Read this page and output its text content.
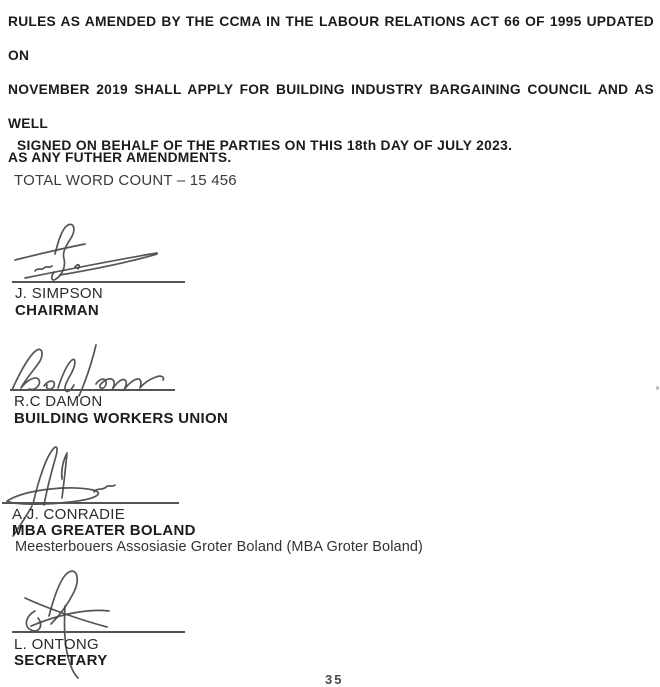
RULES AS AMENDED BY THE CCMA IN THE LABOUR RELATIONS ACT 66 OF 1995 UPDATED ON
NOVEMBER 2019 SHALL APPLY FOR BUILDING INDUSTRY BARGAINING COUNCIL AND AS WELL
AS ANY FUTHER AMENDMENTS.
SIGNED ON BEHALF OF THE PARTIES ON THIS 18th DAY OF JULY 2023.
TOTAL WORD COUNT – 15 456
J. SIMPSON
CHAIRMAN
R.C DAMON
BUILDING WORKERS UNION
A.J. CONRADIE
MBA GREATER BOLAND
Meesterbouers Assosiasie Groter Boland (MBA Groter Boland)
L. ONTONG
SECRETARY
35
